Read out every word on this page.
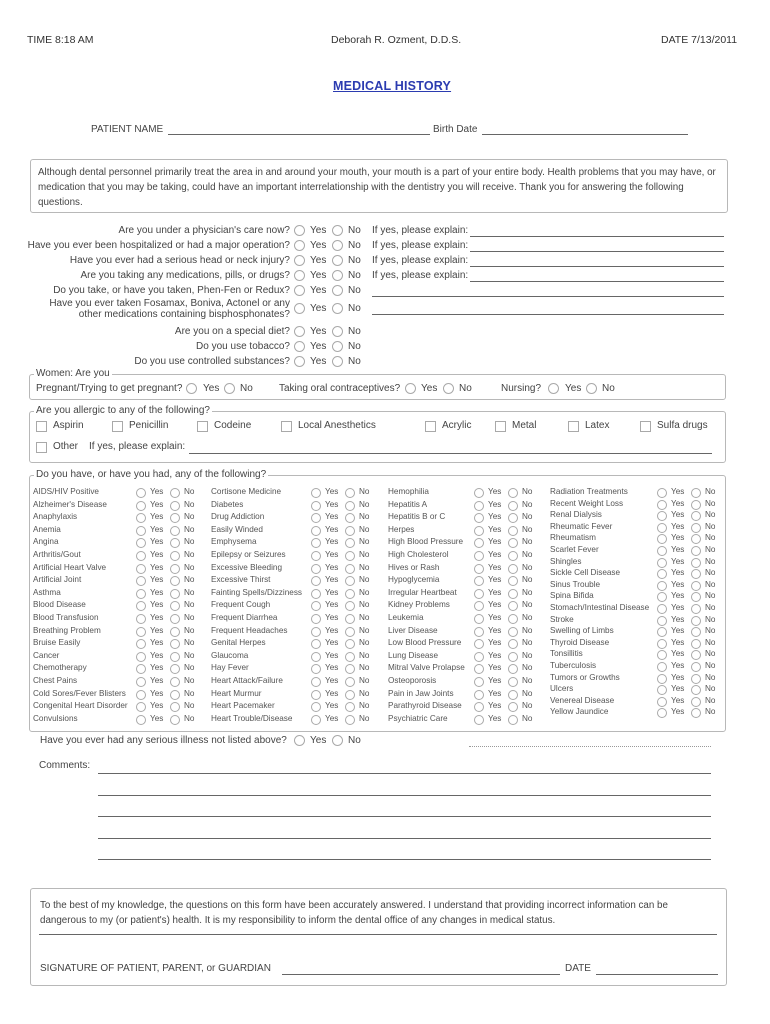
TIME 8:18 AM	Deborah R. Ozment, D.D.S.	DATE 7/13/2011
MEDICAL HISTORY
PATIENT NAME	Birth Date
Although dental personnel primarily treat the area in and around your mouth, your mouth is a part of your entire body. Health problems that you may have, or medication that you may be taking, could have an important interrelationship with the dentistry you will receive. Thank you for answering the following questions.
Are you under a physician's care now? Yes No If yes, please explain:
Have you ever been hospitalized or had a major operation? Yes No If yes, please explain:
Have you ever had a serious head or neck injury? Yes No If yes, please explain:
Are you taking any medications, pills, or drugs? Yes No If yes, please explain:
Do you take, or have you taken, Phen-Fen or Redux? Yes No
Have you ever taken Fosamax, Boniva, Actonel or any
other medications containing bisphosphonates?
Yes No
Are you on a special diet? Yes No
Do you use tobacco? Yes No
Do you use controlled substances? Yes No
Women: Are you
Pregnant/Trying to get pregnant? Yes No	Taking oral contraceptives? Yes No	Nursing? Yes No
Are you allergic to any of the following?
Aspirin	Penicillin	Codeine	Local Anesthetics	Acrylic	Metal	Latex	Sulfa drugs
Other If yes, please explain:
Do you have, or have you had, any of the following?
AIDS/HIV Positive	Yes	No
Alzheimer's Disease	Yes	No
Anaphylaxis	Yes	No
Anemia	Yes	No
Angina	Yes	No
Arthritis/Gout	Yes	No
Artificial Heart Valve	Yes	No
Artificial Joint	Yes	No
Asthma	Yes	No
Blood Disease	Yes	No
Blood Transfusion	Yes	No
Breathing Problem	Yes	No
Bruise Easily	Yes	No
Cancer	Yes	No
Chemotherapy	Yes	No
Chest Pains	Yes	No
Cold Sores/Fever Blisters	Yes	No
Congenital Heart Disorder	Yes	No
Convulsions	Yes	No
Cortisone Medicine	Yes	No
Diabetes	Yes	No
Drug Addiction	Yes	No
Easily Winded	Yes	No
Emphysema	Yes	No
Epilepsy or Seizures	Yes	No
Excessive Bleeding	Yes	No
Excessive Thirst	Yes	No
Fainting Spells/Dizziness	Yes	No
Frequent Cough	Yes	No
Frequent Diarrhea	Yes	No
Frequent Headaches	Yes	No
Genital Herpes	Yes	No
Glaucoma	Yes	No
Hay Fever	Yes	No
Heart Attack/Failure	Yes	No
Heart Murmur	Yes	No
Heart Pacemaker	Yes	No
Heart Trouble/Disease	Yes	No
Hemophilia	Yes	No
Hepatitis A	Yes	No
Hepatitis B or C	Yes	No
Herpes	Yes	No
High Blood Pressure	Yes	No
High Cholesterol	Yes	No
Hives or Rash	Yes	No
Hypoglycemia	Yes	No
Irregular Heartbeat	Yes	No
Kidney Problems	Yes	No
Leukemia	Yes	No
Liver Disease	Yes	No
Low Blood Pressure	Yes	No
Lung Disease	Yes	No
Mitral Valve Prolapse	Yes	No
Osteoporosis	Yes	No
Pain in Jaw Joints	Yes	No
Parathyroid Disease	Yes	No
Psychiatric Care	Yes	No
Radiation Treatments	Yes	No
Recent Weight Loss	Yes	No
Renal Dialysis	Yes	No
Rheumatic Fever	Yes	No
Rheumatism	Yes	No
Scarlet Fever	Yes	No
Shingles	Yes	No
Sickle Cell Disease	Yes	No
Sinus Trouble	Yes	No
Spina Bifida	Yes	No
Stomach/Intestinal Disease	Yes	No
Stroke	Yes	No
Swelling of Limbs	Yes	No
Thyroid Disease	Yes	No
Tonsillitis	Yes	No
Tuberculosis	Yes	No
Tumors or Growths	Yes	No
Ulcers	Yes	No
Venereal Disease	Yes	No
Yellow Jaundice	Yes	No
Have you ever had any serious illness not listed above? Yes No
Comments:
To the best of my knowledge, the questions on this form have been accurately answered. I understand that providing incorrect information can be dangerous to my (or patient's) health. It is my responsibility to inform the dental office of any changes in medical status.
SIGNATURE OF PATIENT, PARENT, or GUARDIAN	DATE
